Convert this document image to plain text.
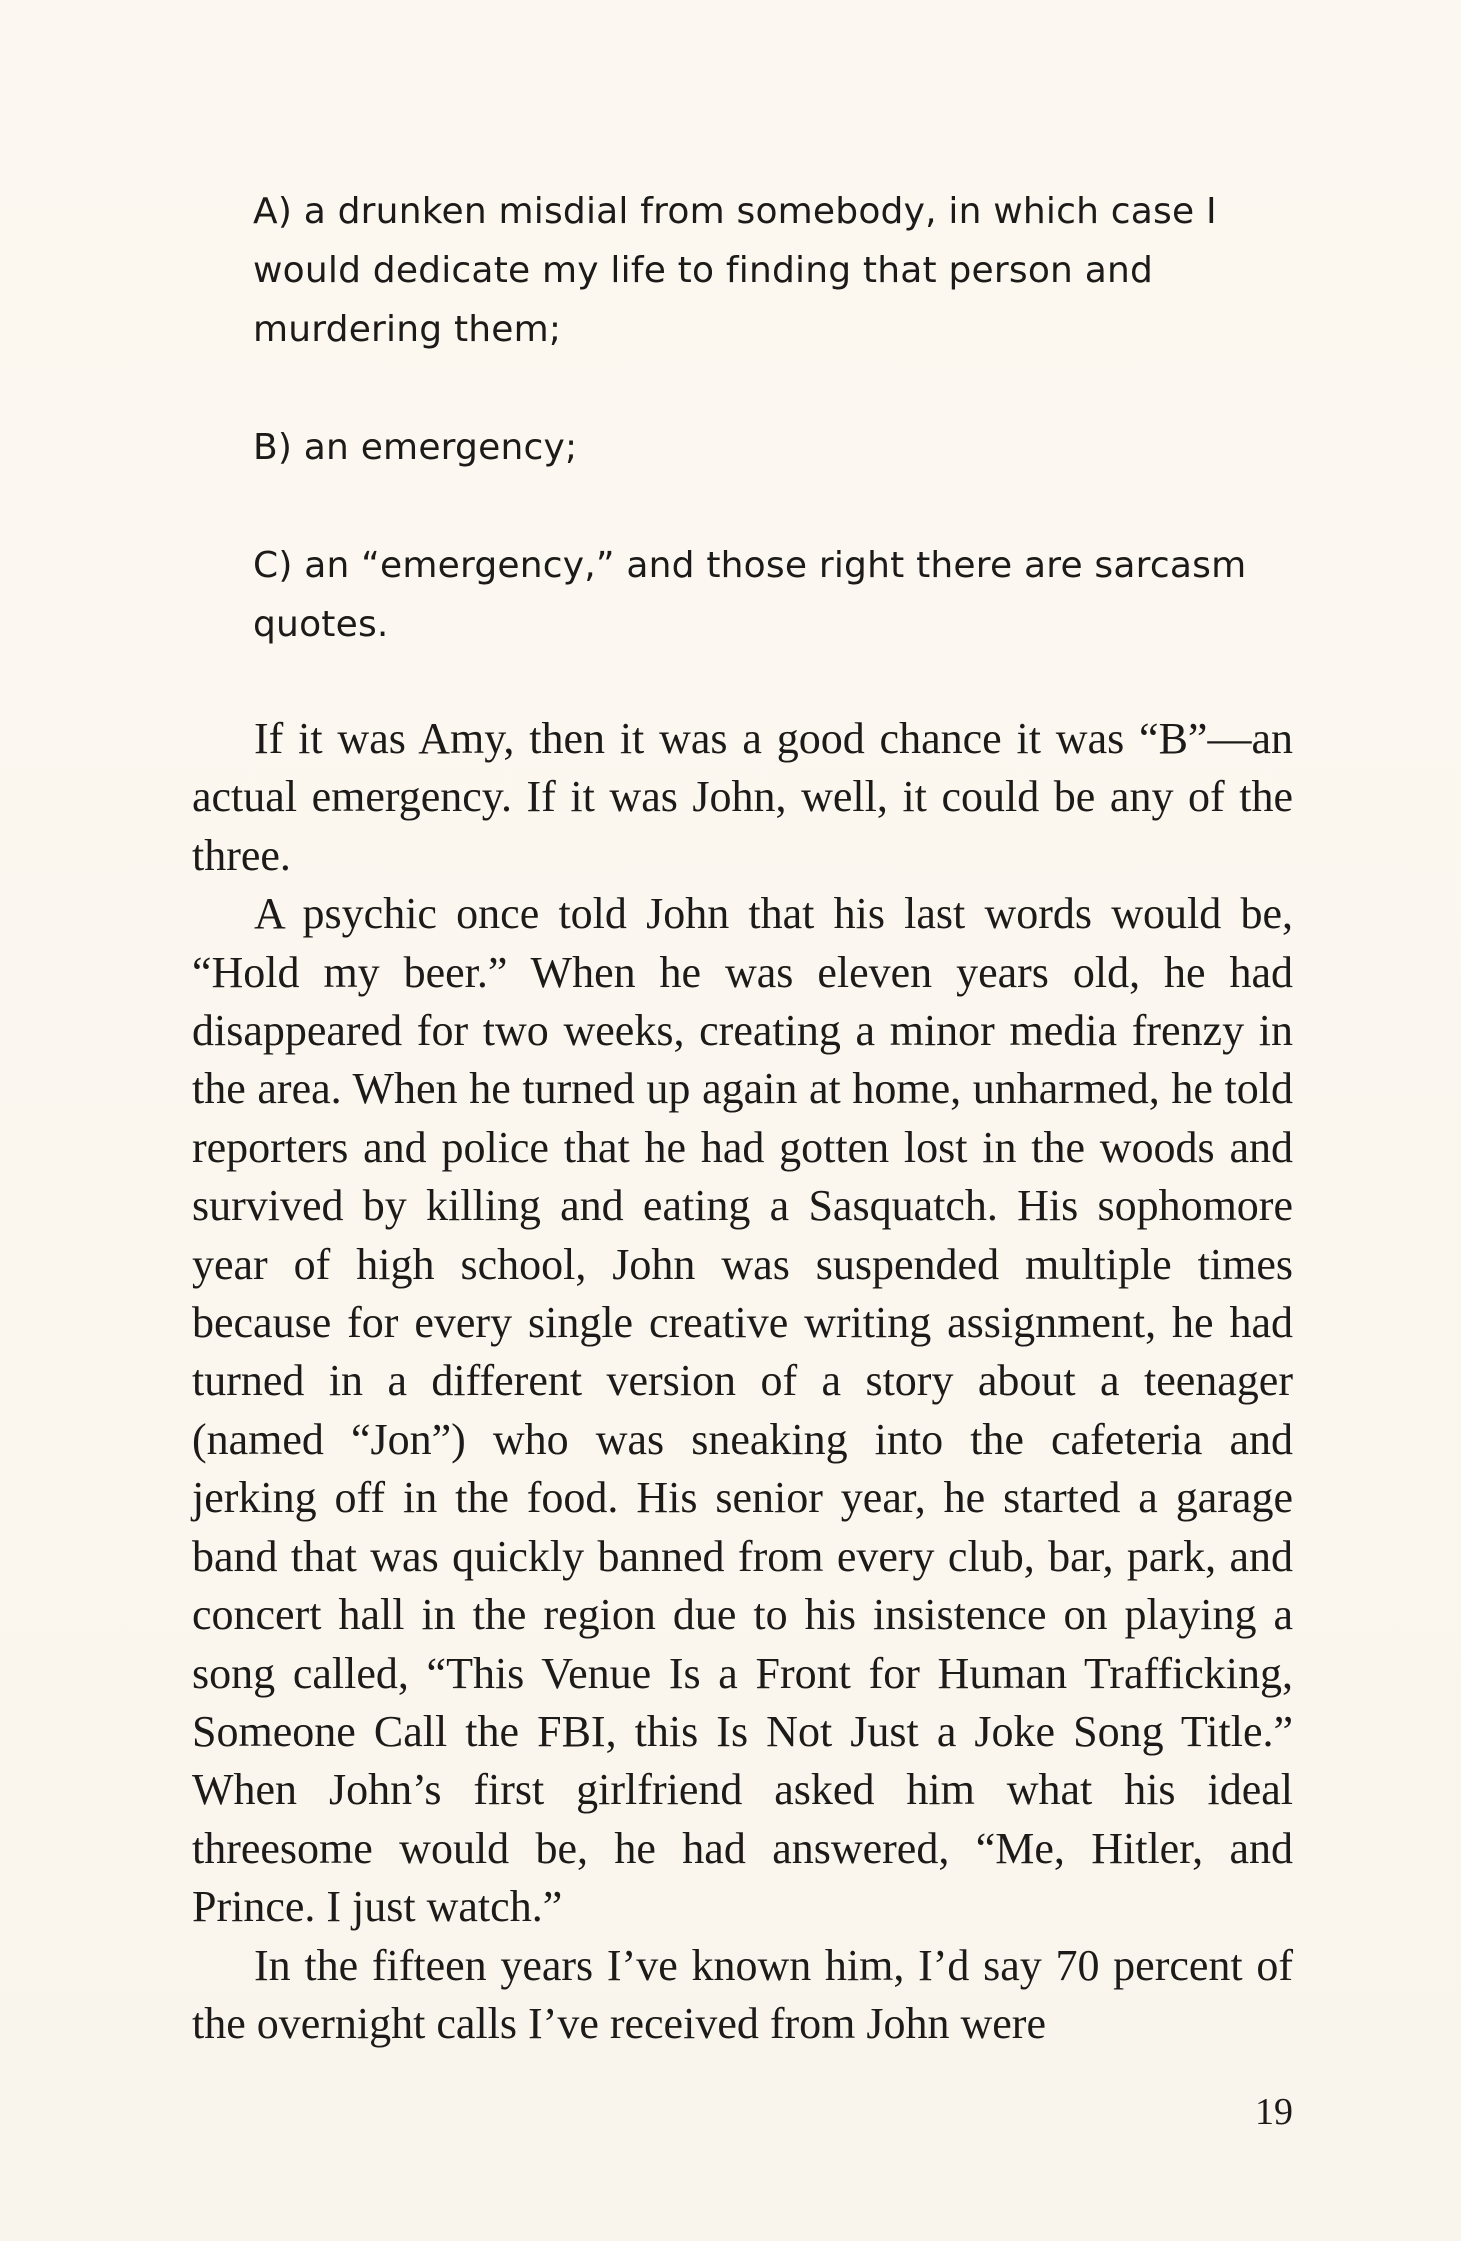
A) a drunken misdial from somebody, in which case I would dedicate my life to finding that person and murdering them;

B) an emergency;

C) an “emergency,” and those right there are sarcasm quotes.

If it was Amy, then it was a good chance it was “B”—an actual emergency. If it was John, well, it could be any of the three.

A psychic once told John that his last words would be, “Hold my beer.” When he was eleven years old, he had disappeared for two weeks, creating a minor media frenzy in the area. When he turned up again at home, unharmed, he told reporters and police that he had gotten lost in the woods and survived by killing and eating a Sasquatch. His sophomore year of high school, John was suspended multiple times because for every single creative writing assignment, he had turned in a different version of a story about a teenager (named “Jon”) who was sneaking into the cafeteria and jerking off in the food. His senior year, he started a garage band that was quickly banned from every club, bar, park, and concert hall in the region due to his insistence on playing a song called, “This Venue Is a Front for Human Trafficking, Someone Call the FBI, this Is Not Just a Joke Song Title.” When John’s first girlfriend asked him what his ideal threesome would be, he had answered, “Me, Hitler, and Prince. I just watch.”

In the fifteen years I’ve known him, I’d say 70 percent of the overnight calls I’ve received from John were

19
